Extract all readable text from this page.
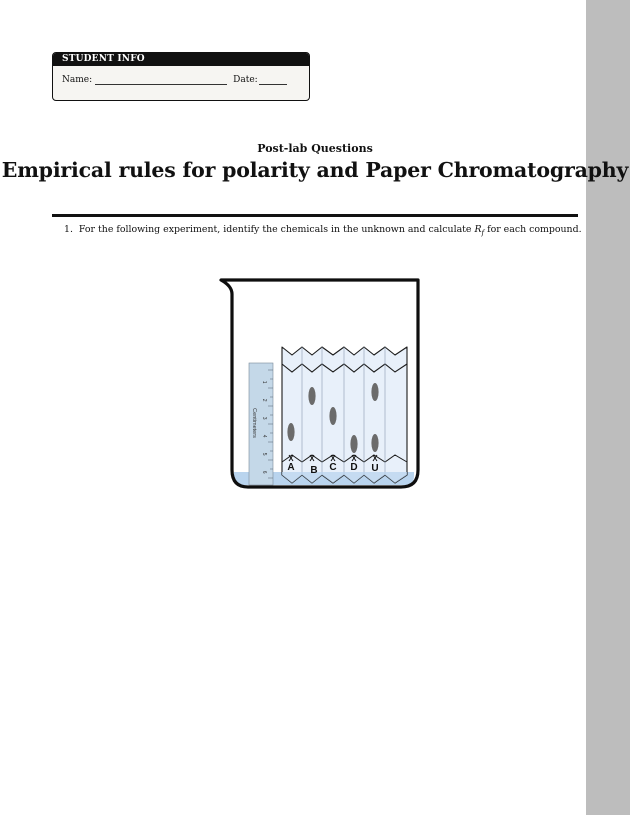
STUDENT INFO
Name:	Date:
Post-lab Questions
Empirical rules for polarity and Paper Chromatography
1. For the following experiment, identify the chemicals in the unknown and calculate $R_f$ for each compound.
1
2
3
4
5
6
Centimeters
A B C D U
